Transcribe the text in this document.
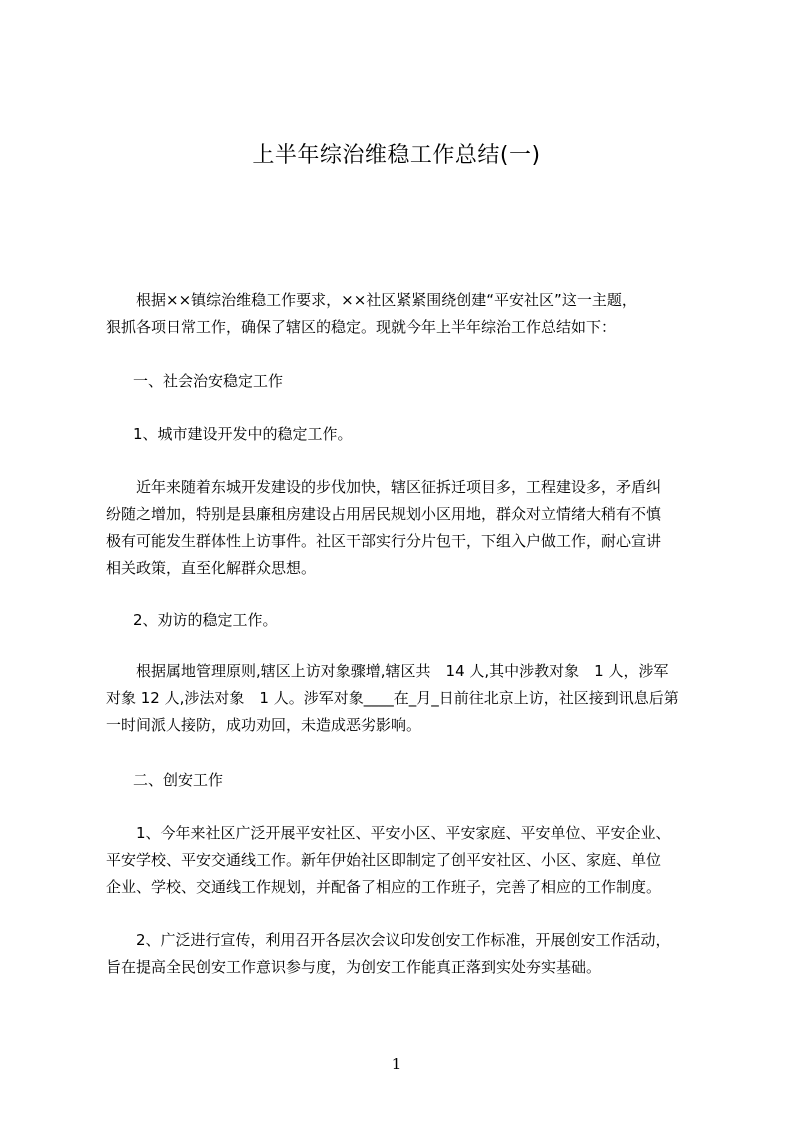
上半年综治维稳工作总结(一)
　　根据××镇综治维稳工作要求，××社区紧紧围绕创建“平安社区”这一主题，
狠抓各项日常工作，确保了辖区的稳定。现就今年上半年综治工作总结如下：
　一、社会治安稳定工作
　1、城市建设开发中的稳定工作。
　　近年来随着东城开发建设的步伐加快，辖区征拆迁项目多，工程建设多，矛盾纠
纷随之增加，特别是县廉租房建设占用居民规划小区用地，群众对立情绪大稍有不慎
极有可能发生群体性上访事件。社区干部实行分片包干，下组入户做工作，耐心宣讲
相关政策，直至化解群众思想。
　2、劝访的稳定工作。
　　根据属地管理原则,辖区上访对象骤增,辖区共　14 人,其中涉教对象　1 人，涉军
对象 12 人,涉法对象　1 人。涉军对象____在_月_日前往北京上访，社区接到讯息后第
一时间派人接防，成功劝回，未造成恶劣影响。
　二、创安工作
　　1、今年来社区广泛开展平安社区、平安小区、平安家庭、平安单位、平安企业、
平安学校、平安交通线工作。新年伊始社区即制定了创平安社区、小区、家庭、单位
企业、学校、交通线工作规划，并配备了相应的工作班子，完善了相应的工作制度。
　　2、广泛进行宣传，利用召开各层次会议印发创安工作标准，开展创安工作活动，
旨在提高全民创安工作意识参与度，为创安工作能真正落到实处夯实基础。
1
